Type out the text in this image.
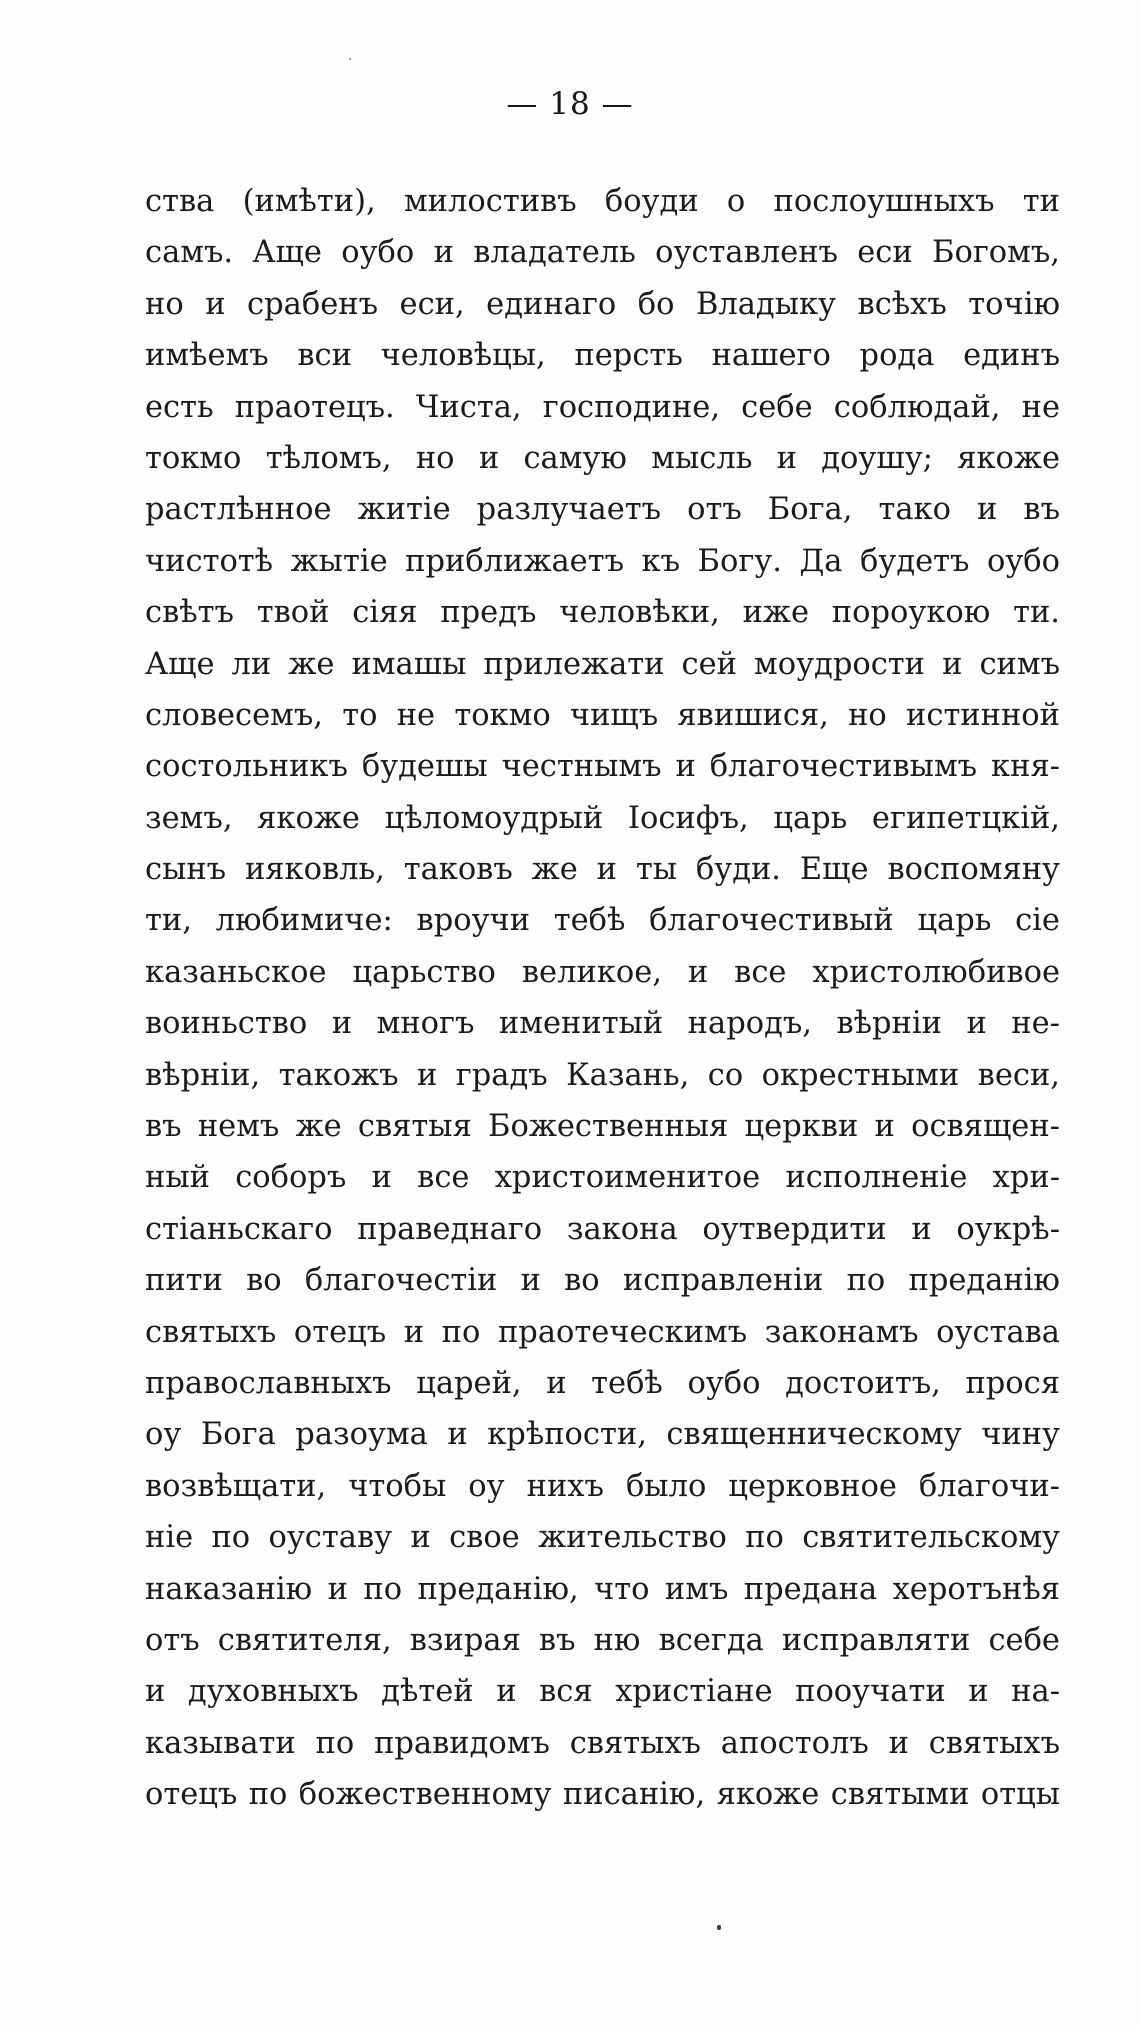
— 18 —
ства (имѣти), милостивъ боуди о послоушныхъ ти
самъ. Аще оубо и владатель оуставленъ еси Богомъ,
но и срабенъ еси, единаго бо Владыку всѣхъ точiю
имѣемъ вси человѣцы, персть нашего рода единъ
есть праотецъ. Чиста, господине, себе соблюдай, не
токмо тѣломъ, но и самую мысль и доушу; якоже
растлѣнное житiе разлучаетъ отъ Бога, тако и въ
чистотѣ жытiе приближаетъ къ Богу. Да будетъ оубо
свѣтъ твой сiяя предъ человѣки, иже пороукою ти.
Аще ли же имашы прилежати сей моудрости и симъ
словесемъ, то не токмо чищъ явишися, но истинной
состольникъ будешы честнымъ и благочестивымъ кня-
земъ, якоже цѣломоудрый Iосифъ, царь египетцкiй,
сынъ ияковль, таковъ же и ты буди. Еще воспомяну
ти, любимиче: вроучи тебѣ благочестивый царь сiе
казаньское царьство великое, и все христолюбивое
воиньство и многъ именитый народъ, вѣрнiи и не-
вѣрнiи, такожъ и градъ Казань, со окрестными веси,
въ немъ же святыя Божественныя церкви и освящен-
ный соборъ и все христоименитое исполненiе хри-
стiаньскаго праведнаго закона оутвердити и оукрѣ-
пити во благочестiи и во исправленiи по преданiю
святыхъ отецъ и по праотеческимъ законамъ оустава
православныхъ царей, и тебѣ оубо достоитъ, прося
оу Бога разоума и крѣпости, священническому чину
возвѣщати, чтобы оу нихъ было церковное благочи-
нiе по оуставу и свое жительство по святительскому
наказанiю и по преданiю, что имъ предана херотънѣя
отъ святителя, взирая въ ню всегда исправляти себе
и духовныхъ дѣтей и вся христiане поoучати и на-
казывати по правидомъ святыхъ апостолъ и святыхъ
отецъ по божественному писанiю, якоже святыми отцы
